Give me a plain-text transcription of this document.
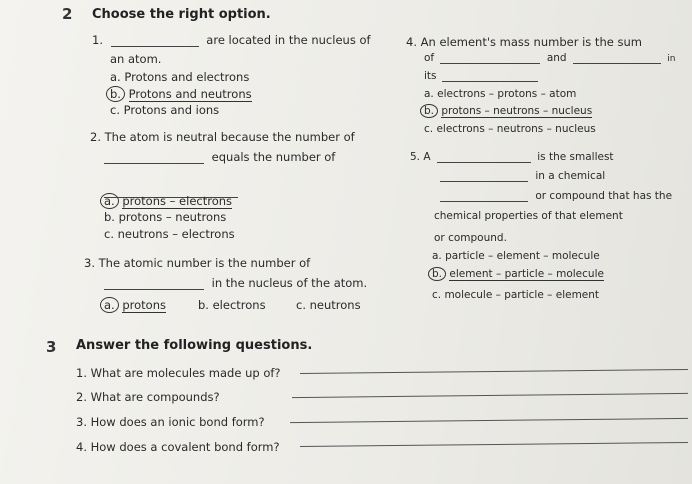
2 Choose the right option.
1.	are located in the nucleus of
an atom.
a. Protons and electrons
b. Protons and neutrons
c. Protons and ions
2. The atom is neutral because the number of
equals the number of
a. protons – electrons
b. protons – neutrons
c. neutrons – electrons
3. The atomic number is the number of
in the nucleus of the atom.
a. protons	b. electrons	c. neutrons
4. An element's mass number is the sum
of	and	in
its
a. electrons – protons – atom
b. protons – neutrons – nucleus
c. electrons – neutrons – nucleus
5. A	is the smallest
in a chemical
or compound that has the
chemical properties of that element
or compound.
a. particle – element – molecule
b. element – particle – molecule
c. molecule – particle – element
3 Answer the following questions.
1. What are molecules made up of?
2. What are compounds?
3. How does an ionic bond form?
4. How does a covalent bond form?
